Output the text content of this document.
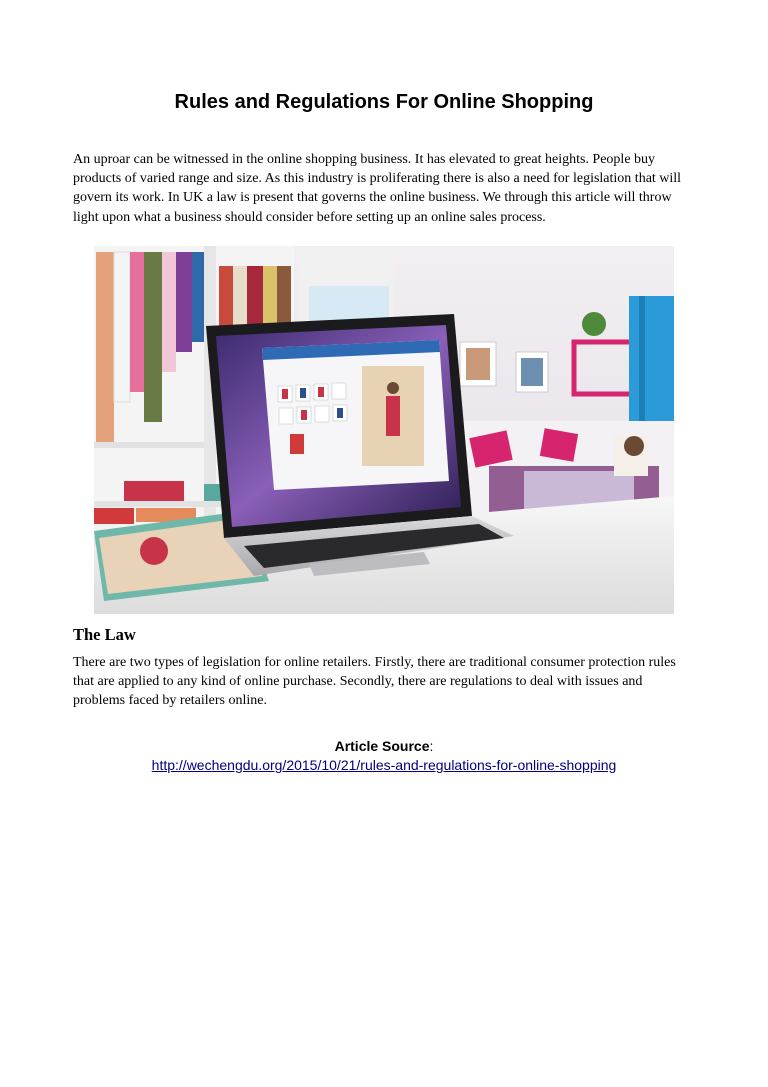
Rules and Regulations For Online Shopping

An uproar can be witnessed in the online shopping business. It has elevated to great heights. People buy products of varied range and size. As this industry is proliferating there is also a need for legislation that will govern its work. In UK a law is present that governs the online business. We through this article will throw light upon what a business should consider before setting up an online sales process.

The Law

There are two types of legislation for online retailers. Firstly, there are traditional consumer protection rules that are applied to any kind of online purchase. Secondly, there are regulations to deal with issues and problems faced by retailers online.

Article Source:
http://wechengdu.org/2015/10/21/rules-and-regulations-for-online-shopping
